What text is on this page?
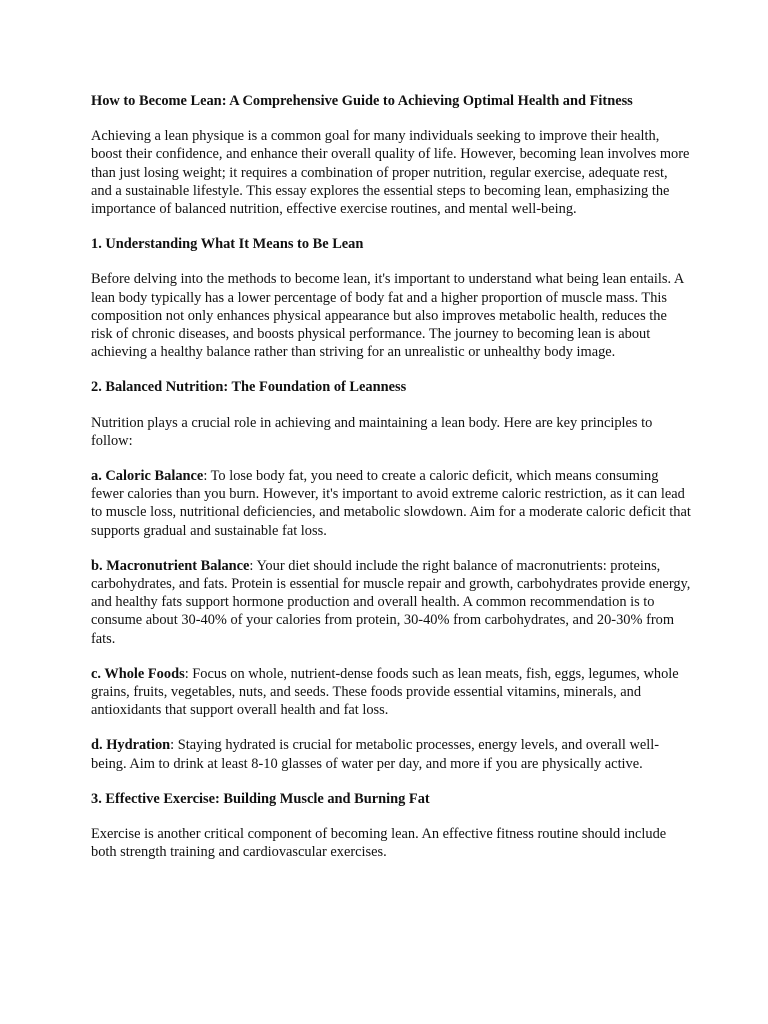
How to Become Lean: A Comprehensive Guide to Achieving Optimal Health and Fitness

Achieving a lean physique is a common goal for many individuals seeking to improve their health, boost their confidence, and enhance their overall quality of life. However, becoming lean involves more than just losing weight; it requires a combination of proper nutrition, regular exercise, adequate rest, and a sustainable lifestyle. This essay explores the essential steps to becoming lean, emphasizing the importance of balanced nutrition, effective exercise routines, and mental well-being.

1. Understanding What It Means to Be Lean

Before delving into the methods to become lean, it's important to understand what being lean entails. A lean body typically has a lower percentage of body fat and a higher proportion of muscle mass. This composition not only enhances physical appearance but also improves metabolic health, reduces the risk of chronic diseases, and boosts physical performance. The journey to becoming lean is about achieving a healthy balance rather than striving for an unrealistic or unhealthy body image.

2. Balanced Nutrition: The Foundation of Leanness

Nutrition plays a crucial role in achieving and maintaining a lean body. Here are key principles to follow:

a. Caloric Balance: To lose body fat, you need to create a caloric deficit, which means consuming fewer calories than you burn. However, it's important to avoid extreme caloric restriction, as it can lead to muscle loss, nutritional deficiencies, and metabolic slowdown. Aim for a moderate caloric deficit that supports gradual and sustainable fat loss.

b. Macronutrient Balance: Your diet should include the right balance of macronutrients: proteins, carbohydrates, and fats. Protein is essential for muscle repair and growth, carbohydrates provide energy, and healthy fats support hormone production and overall health. A common recommendation is to consume about 30-40% of your calories from protein, 30-40% from carbohydrates, and 20-30% from fats.

c. Whole Foods: Focus on whole, nutrient-dense foods such as lean meats, fish, eggs, legumes, whole grains, fruits, vegetables, nuts, and seeds. These foods provide essential vitamins, minerals, and antioxidants that support overall health and fat loss.

d. Hydration: Staying hydrated is crucial for metabolic processes, energy levels, and overall well-being. Aim to drink at least 8-10 glasses of water per day, and more if you are physically active.

3. Effective Exercise: Building Muscle and Burning Fat

Exercise is another critical component of becoming lean. An effective fitness routine should include both strength training and cardiovascular exercises.
